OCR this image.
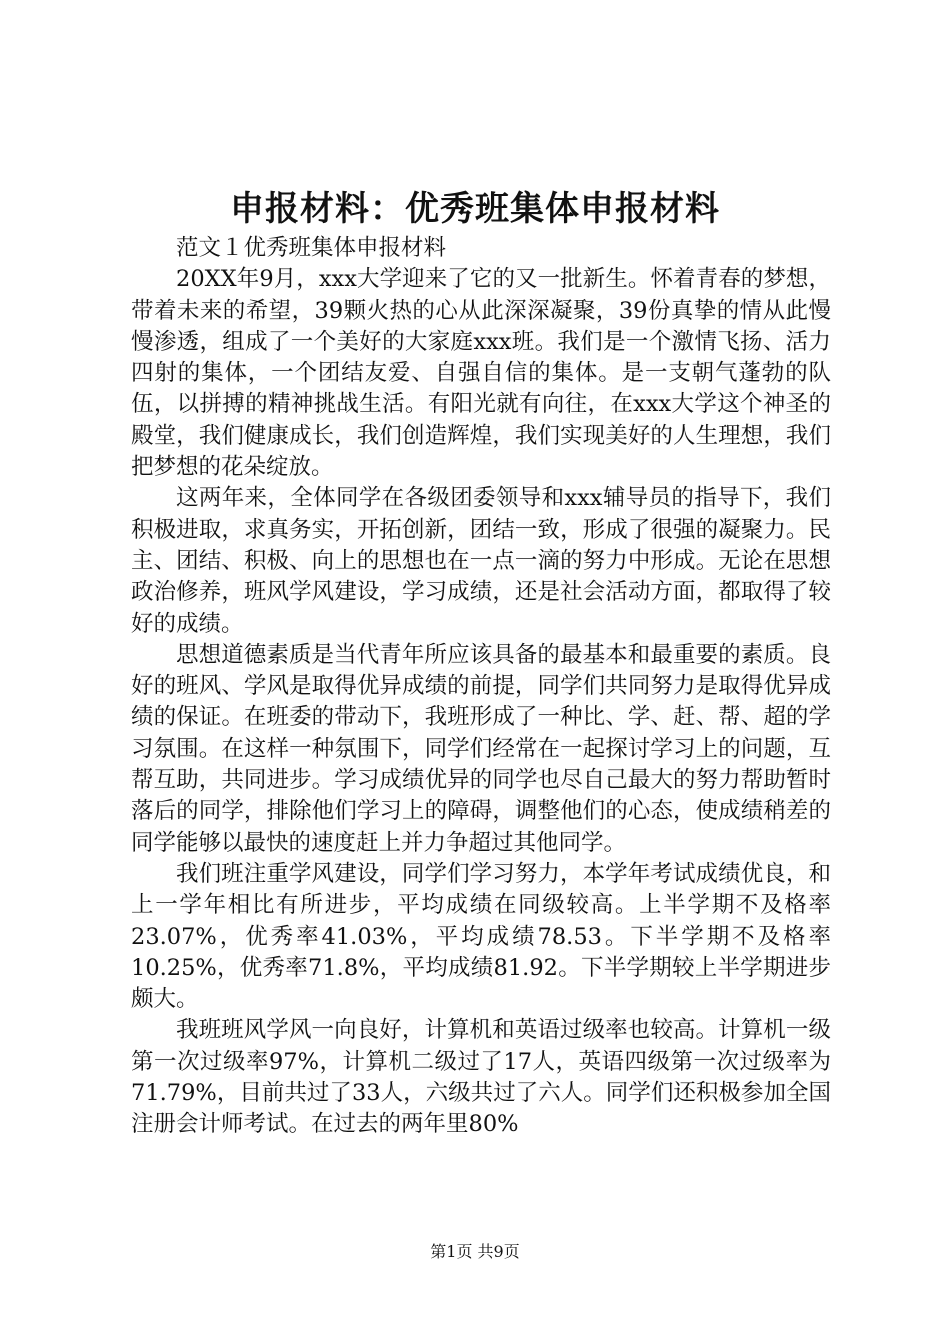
申报材料：优秀班集体申报材料

范文１优秀班集体申报材料

20XX年9月，xxx大学迎来了它的又一批新生。怀着青春的梦想，带着未来的希望，39颗火热的心从此深深凝聚，39份真挚的情从此慢慢渗透，组成了一个美好的大家庭xxx班。我们是一个激情飞扬、活力四射的集体，一个团结友爱、自强自信的集体。是一支朝气蓬勃的队伍，以拼搏的精神挑战生活。有阳光就有向往，在xxx大学这个神圣的殿堂，我们健康成长，我们创造辉煌，我们实现美好的人生理想，我们把梦想的花朵绽放。

这两年来，全体同学在各级团委领导和xxx辅导员的指导下，我们积极进取，求真务实，开拓创新，团结一致，形成了很强的凝聚力。民主、团结、积极、向上的思想也在一点一滴的努力中形成。无论在思想政治修养，班风学风建设，学习成绩，还是社会活动方面，都取得了较好的成绩。

思想道德素质是当代青年所应该具备的最基本和最重要的素质。良好的班风、学风是取得优异成绩的前提，同学们共同努力是取得优异成绩的保证。在班委的带动下，我班形成了一种比、学、赶、帮、超的学习氛围。在这样一种氛围下，同学们经常在一起探讨学习上的问题，互帮互助，共同进步。学习成绩优异的同学也尽自己最大的努力帮助暂时落后的同学，排除他们学习上的障碍，调整他们的心态，使成绩稍差的同学能够以最快的速度赶上并力争超过其他同学。

我们班注重学风建设，同学们学习努力，本学年考试成绩优良，和上一学年相比有所进步，平均成绩在同级较高。上半学期不及格率23.07%，优秀率41.03%，平均成绩78.53。下半学期不及格率10.25%，优秀率71.8%，平均成绩81.92。下半学期较上半学期进步颇大。

我班班风学风一向良好，计算机和英语过级率也较高。计算机一级第一次过级率97%，计算机二级过了17人，英语四级第一次过级率为71.79%，目前共过了33人，六级共过了六人。同学们还积极参加全国注册会计师考试。在过去的两年里80%

第1页 共9页
